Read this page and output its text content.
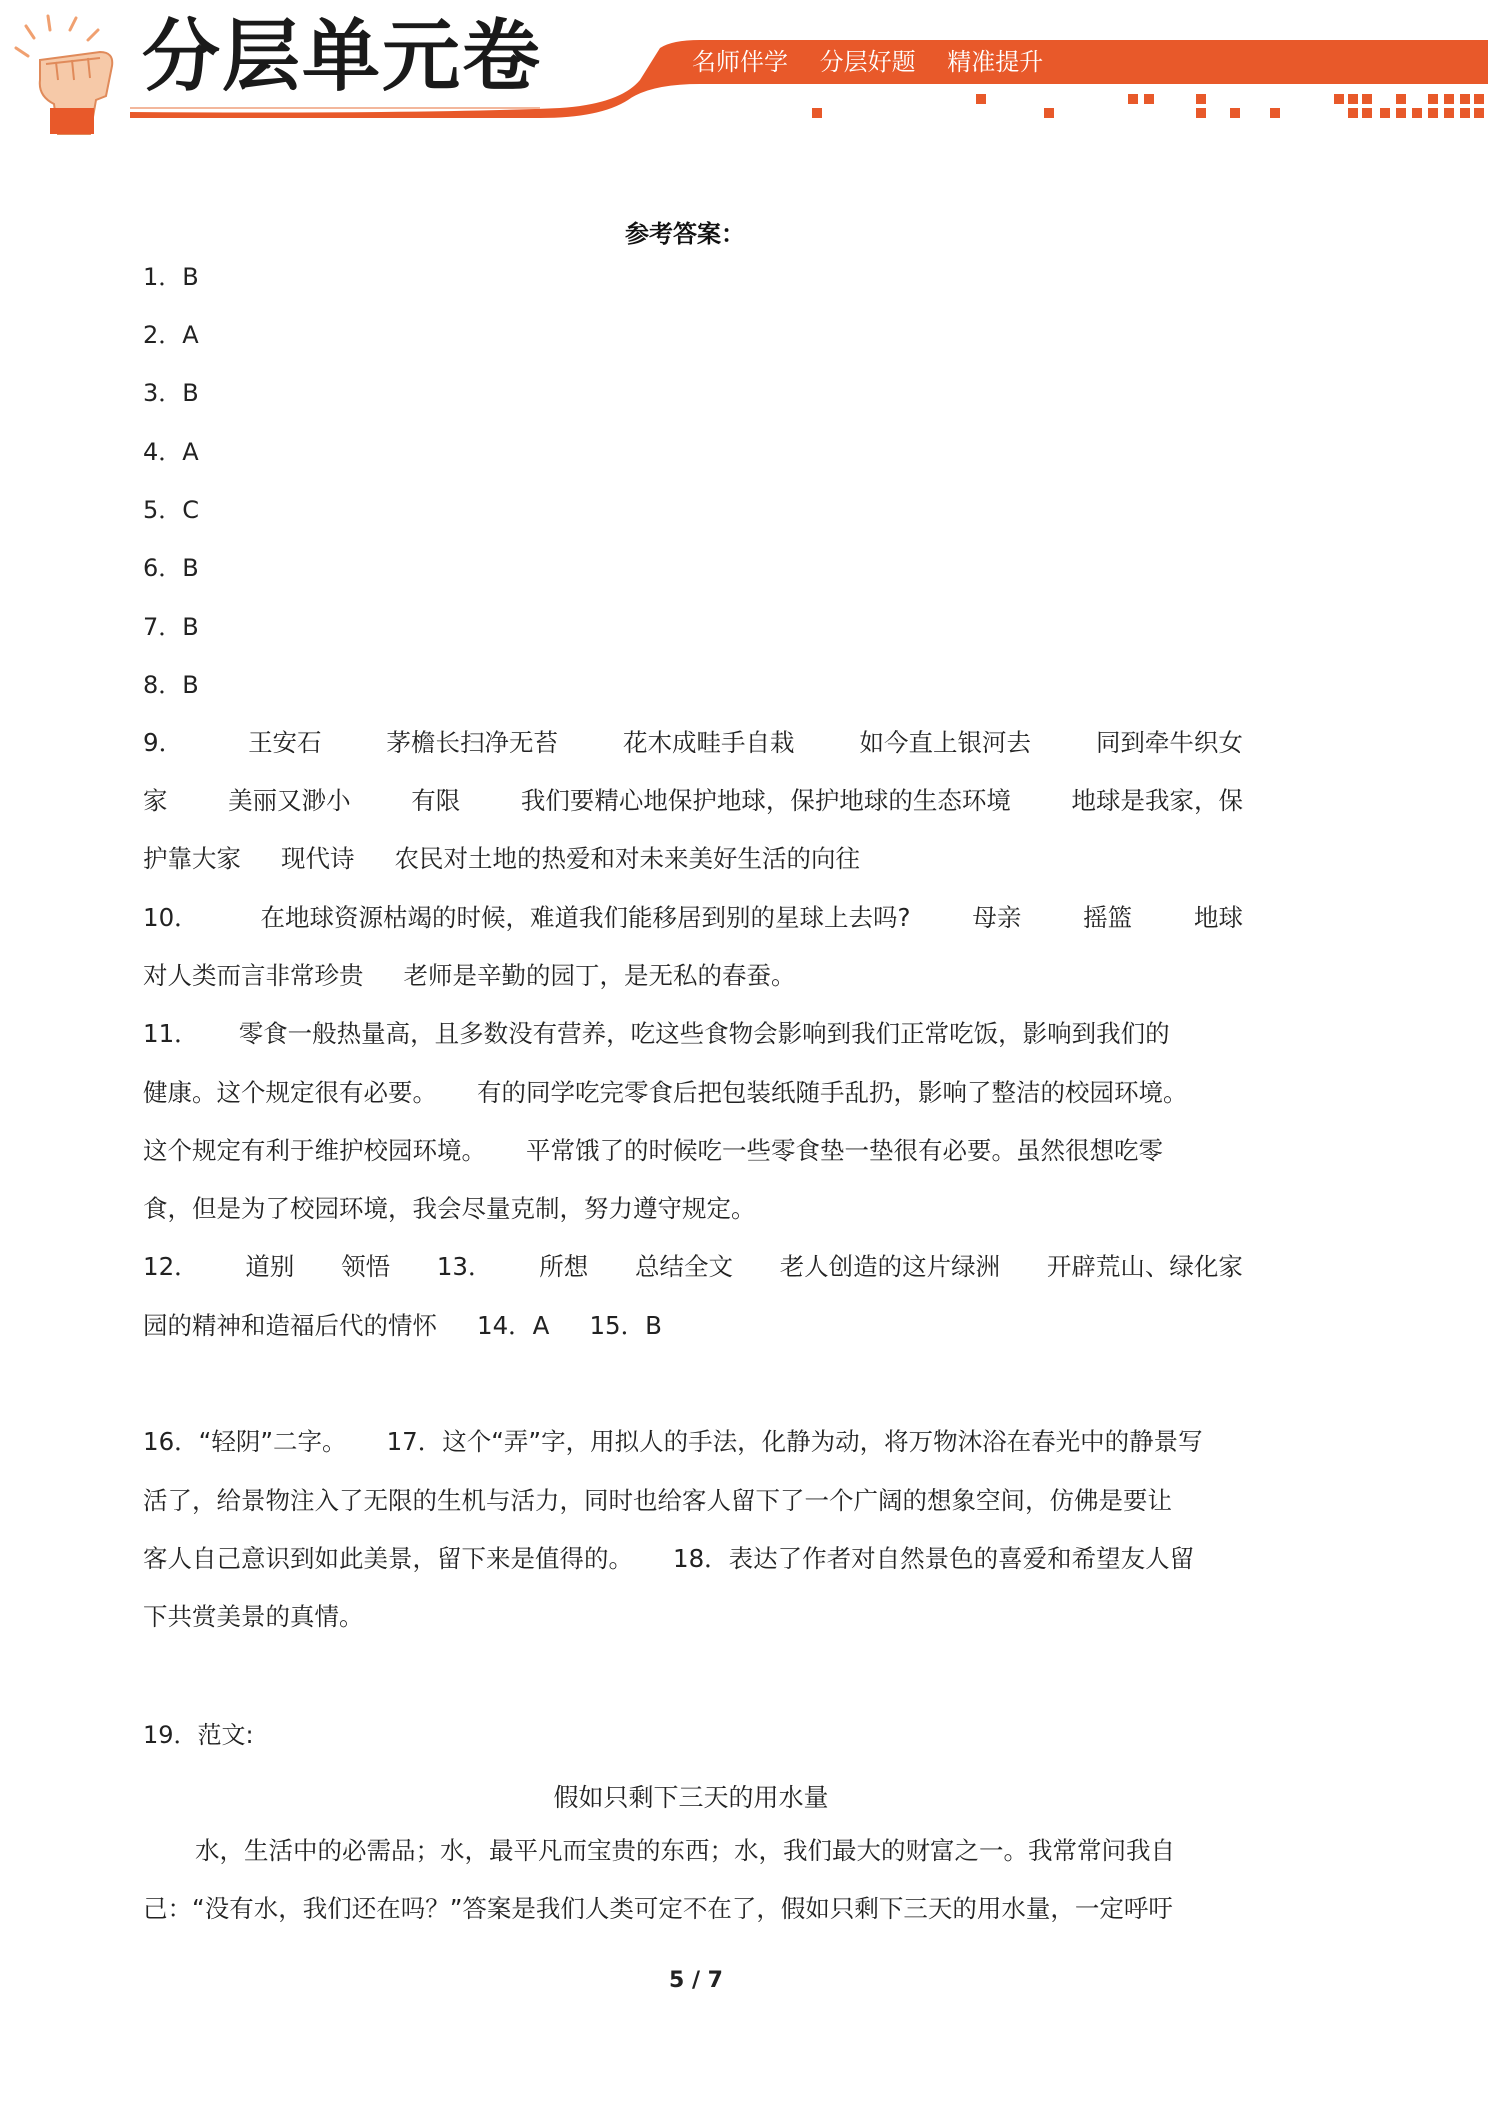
分层单元卷	名师伴学 分层好题 精准提升
参考答案：
1．B
2．A
3．B
4．A
5．C
6．B
7．B
8．B
9．	王安石	茅檐长扫净无苔	花木成畦手自栽	如今直上银河去	同到牵牛织女
家 美丽又渺小 有限 我们要精心地保护地球，保护地球的生态环境 地球是我家，保
护靠大家 现代诗 农民对土地的热爱和对未来美好生活的向往
10．	在地球资源枯竭的时候，难道我们能移居到别的星球上去吗?	母亲	摇篮	地球
对人类而言非常珍贵 老师是辛勤的园丁，是无私的春蚕。
11． 零食一般热量高，且多数没有营养，吃这些食物会影响到我们正常吃饭，影响到我们的
健康。这个规定很有必要。 有的同学吃完零食后把包装纸随手乱扔，影响了整洁的校园环境。
这个规定有利于维护校园环境。 平常饿了的时候吃一些零食垫一垫很有必要。虽然很想吃零
食，但是为了校园环境，我会尽量克制，努力遵守规定。
12． 道别 领悟 13． 所想 总结全文 老人创造的这片绿洲 开辟荒山、绿化家
园的精神和造福后代的情怀 14．A 15．B
16．“轻阴”二字。 17．这个“弄”字，用拟人的手法，化静为动，将万物沐浴在春光中的静景写
活了，给景物注入了无限的生机与活力，同时也给客人留下了一个广阔的想象空间，仿佛是要让
客人自己意识到如此美景，留下来是值得的。 18．表达了作者对自然景色的喜爱和希望友人留
下共赏美景的真情。
19．范文:
假如只剩下三天的用水量
水，生活中的必需品；水，最平凡而宝贵的东西；水，我们最大的财富之一。我常常问我自
己：“没有水，我们还在吗？”答案是我们人类可定不在了，假如只剩下三天的用水量，一定呼吁
5 / 7
